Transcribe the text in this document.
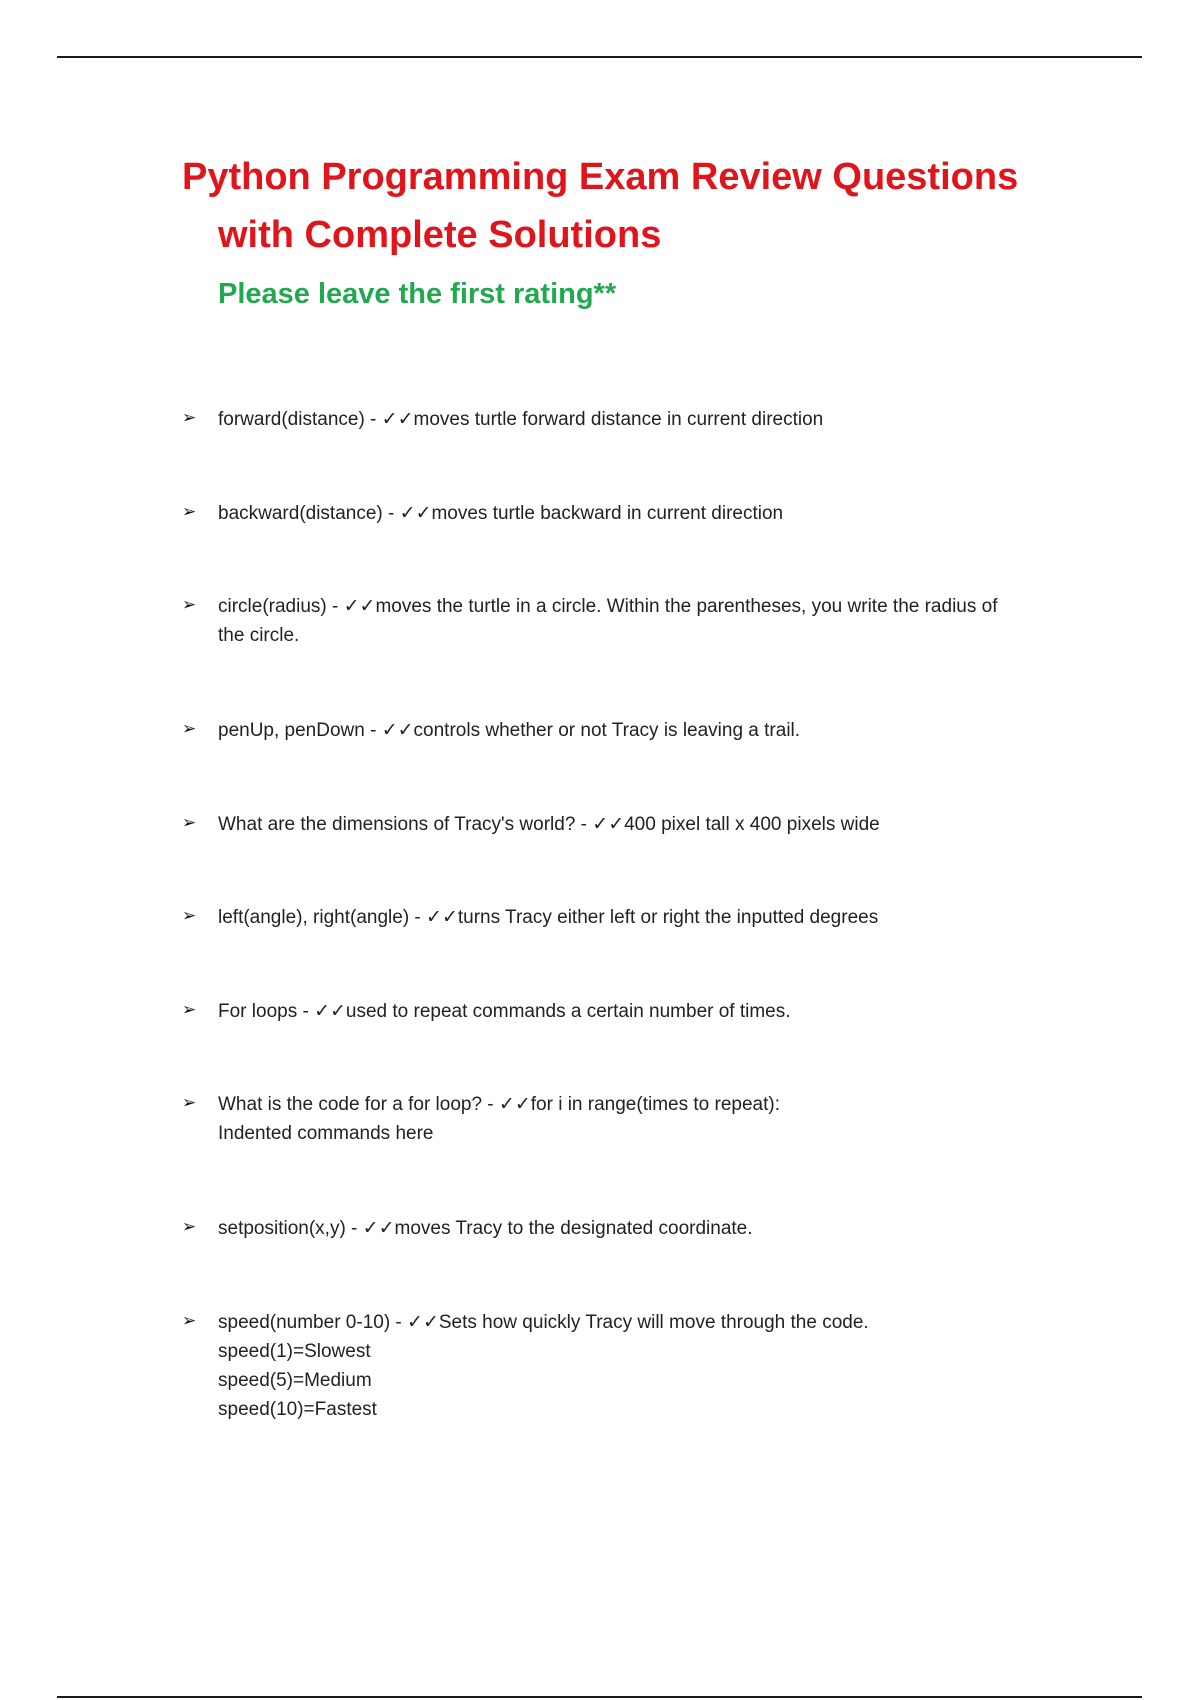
Python Programming Exam Review Questions
with Complete Solutions

Please leave the first rating**

➢ forward(distance) - ✓✓moves turtle forward distance in current direction
➢ backward(distance) - ✓✓moves turtle backward in current direction
➢ circle(radius) - ✓✓moves the turtle in a circle. Within the parentheses, you write the radius of
the circle.
➢ penUp, penDown - ✓✓controls whether or not Tracy is leaving a trail.
➢ What are the dimensions of Tracy's world? - ✓✓400 pixel tall x 400 pixels wide
➢ left(angle), right(angle) - ✓✓turns Tracy either left or right the inputted degrees
➢ For loops - ✓✓used to repeat commands a certain number of times.
➢ What is the code for a for loop? - ✓✓for i in range(times to repeat):
Indented commands here
➢ setposition(x,y) - ✓✓moves Tracy to the designated coordinate.
➢ speed(number 0-10) - ✓✓Sets how quickly Tracy will move through the code.
speed(1)=Slowest
speed(5)=Medium
speed(10)=Fastest
